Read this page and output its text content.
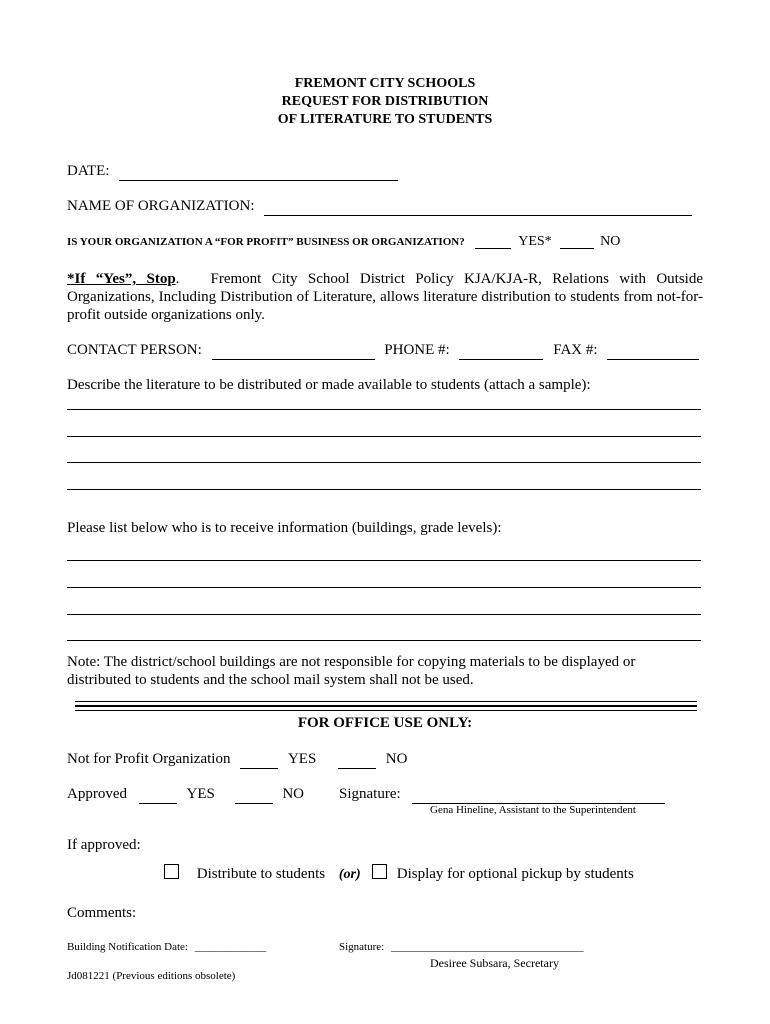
FREMONT CITY SCHOOLS
REQUEST FOR DISTRIBUTION
OF LITERATURE TO STUDENTS
DATE:
NAME OF ORGANIZATION:
IS YOUR ORGANIZATION A “FOR PROFIT” BUSINESS OR ORGANIZATION?	YES*	NO
*If “Yes”, Stop.   Fremont City School District Policy KJA/KJA-R, Relations with Outside Organizations, Including Distribution of Literature, allows literature distribution to students from not-for-profit outside organizations only.
CONTACT PERSON:	PHONE #:	FAX #:
Describe the literature to be distributed or made available to students (attach a sample):
Please list below who is to receive information (buildings, grade levels):
Note: The district/school buildings are not responsible for copying materials to be displayed or distributed to students and the school mail system shall not be used.
FOR OFFICE USE ONLY:
Not for Profit Organization	YES	NO
Approved	YES	NO Signature:
Gena Hineline, Assistant to the Superintendent
If approved:
Distribute to students (or)	Display for optional pickup by students
Comments:
Building Notification Date: _____________	Signature: ___________________________________
Desiree Subsara, Secretary
Jd081221 (Previous editions obsolete)
